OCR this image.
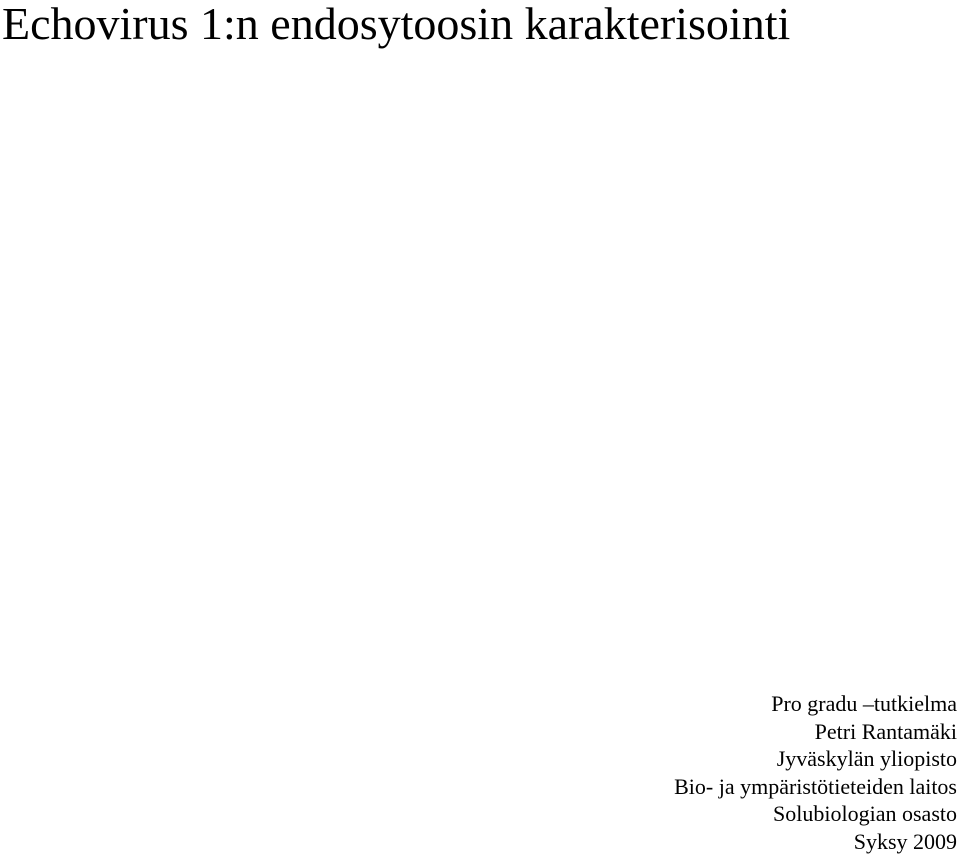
Echovirus 1:n endosytoosin karakterisointi
Pro gradu –tutkielma
Petri Rantamäki
Jyväskylän yliopisto
Bio- ja ympäristötieteiden laitos
Solubiologian osasto
Syksy 2009
